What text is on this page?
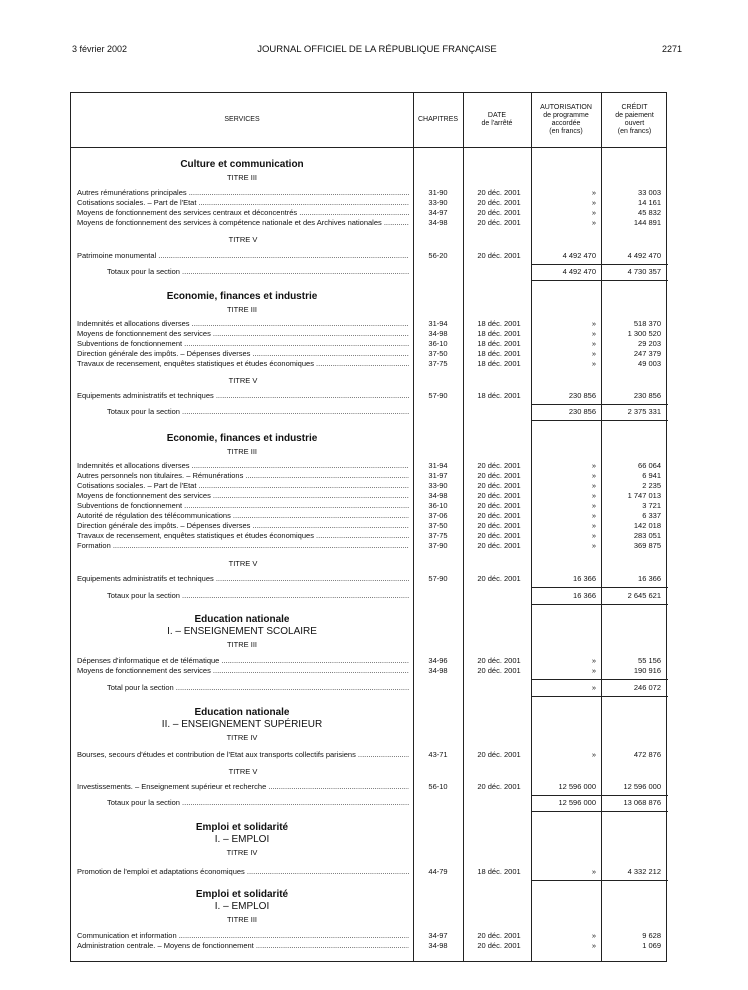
JOURNAL OFFICIEL DE LA RÉPUBLIQUE FRANÇAISE
3 février 2002	2271
SERVICES	CHAPITRES
DATE
de l'arrêté
AUTORISATION
de programme
accordée
(en francs)
CRÉDIT
de paiement
ouvert
(en francs)
Culture et communication
TITRE III
Autres rémunérations principales .....	31-90	20 déc. 2001	»	33 003
Cotisations sociales. – Part de l'Etat .....	33-90	20 déc. 2001	»	14 161
Moyens de fonctionnement des services centraux et déconcentrés .....	34-97	20 déc. 2001	»	45 832
Moyens de fonctionnement des services à compétence nationale et des Archives nationales .....	34-98	20 déc. 2001	»	144 891
TITRE V
Patrimoine monumental .....	56-20	20 déc. 2001	4 492 470	4 492 470
Totaux pour la section .....	4 492 470	4 730 357
Economie, finances et industrie
TITRE III
Indemnités et allocations diverses .....	31-94	18 déc. 2001	»	518 370
Moyens de fonctionnement des services .....	34-98	18 déc. 2001	»	1 300 520
Subventions de fonctionnement .....	36-10	18 déc. 2001	»	29 203
Direction générale des impôts. – Dépenses diverses .....	37-50	18 déc. 2001	»	247 379
Travaux de recensement, enquêtes statistiques et études économiques .....	37-75	18 déc. 2001	»	49 003
TITRE V
Equipements administratifs et techniques .....	57-90	18 déc. 2001	230 856	230 856
Totaux pour la section .....	230 856	2 375 331
Economie, finances et industrie
TITRE III
Indemnités et allocations diverses .....	31-94	20 déc. 2001	»	66 064
Autres personnels non titulaires. – Rémunérations .....	31-97	20 déc. 2001	»	6 941
Cotisations sociales. – Part de l'Etat .....	33-90	20 déc. 2001	»	2 235
Moyens de fonctionnement des services .....	34-98	20 déc. 2001	»	1 747 013
Subventions de fonctionnement .....	36-10	20 déc. 2001	»	3 721
Autorité de régulation des télécommunications .....	37-06	20 déc. 2001	»	6 337
Direction générale des impôts. – Dépenses diverses .....	37-50	20 déc. 2001	»	142 018
Travaux de recensement, enquêtes statistiques et études économiques .....	37-75	20 déc. 2001	»	283 051
Formation .....	37-90	20 déc. 2001	»	369 875
TITRE V
Equipements administratifs et techniques .....	57-90	20 déc. 2001	16 366	16 366
Totaux pour la section .....	16 366	2 645 621
Education nationale
I. – ENSEIGNEMENT SCOLAIRE
TITRE III
Dépenses d'informatique et de télématique .....	34-96	20 déc. 2001	»	55 156
Moyens de fonctionnement des services .....	34-98	20 déc. 2001	»	190 916
Total pour la section .....	»	246 072
Education nationale
II. – ENSEIGNEMENT SUPÉRIEUR
TITRE IV
Bourses, secours d'études et contribution de l'Etat aux transports collectifs parisiens .....	43-71	20 déc. 2001	»	472 876
TITRE V
Investissements. – Enseignement supérieur et recherche .....	56-10	20 déc. 2001	12 596 000	12 596 000
Totaux pour la section .....	12 596 000	13 068 876
Emploi et solidarité
I. – EMPLOI
TITRE IV
Promotion de l'emploi et adaptations économiques .....	44-79	18 déc. 2001	»	4 332 212
Emploi et solidarité
I. – EMPLOI
TITRE III
Communication et information .....	34-97	20 déc. 2001	»	9 628
Administration centrale. – Moyens de fonctionnement .....	34-98	20 déc. 2001	»	1 069
